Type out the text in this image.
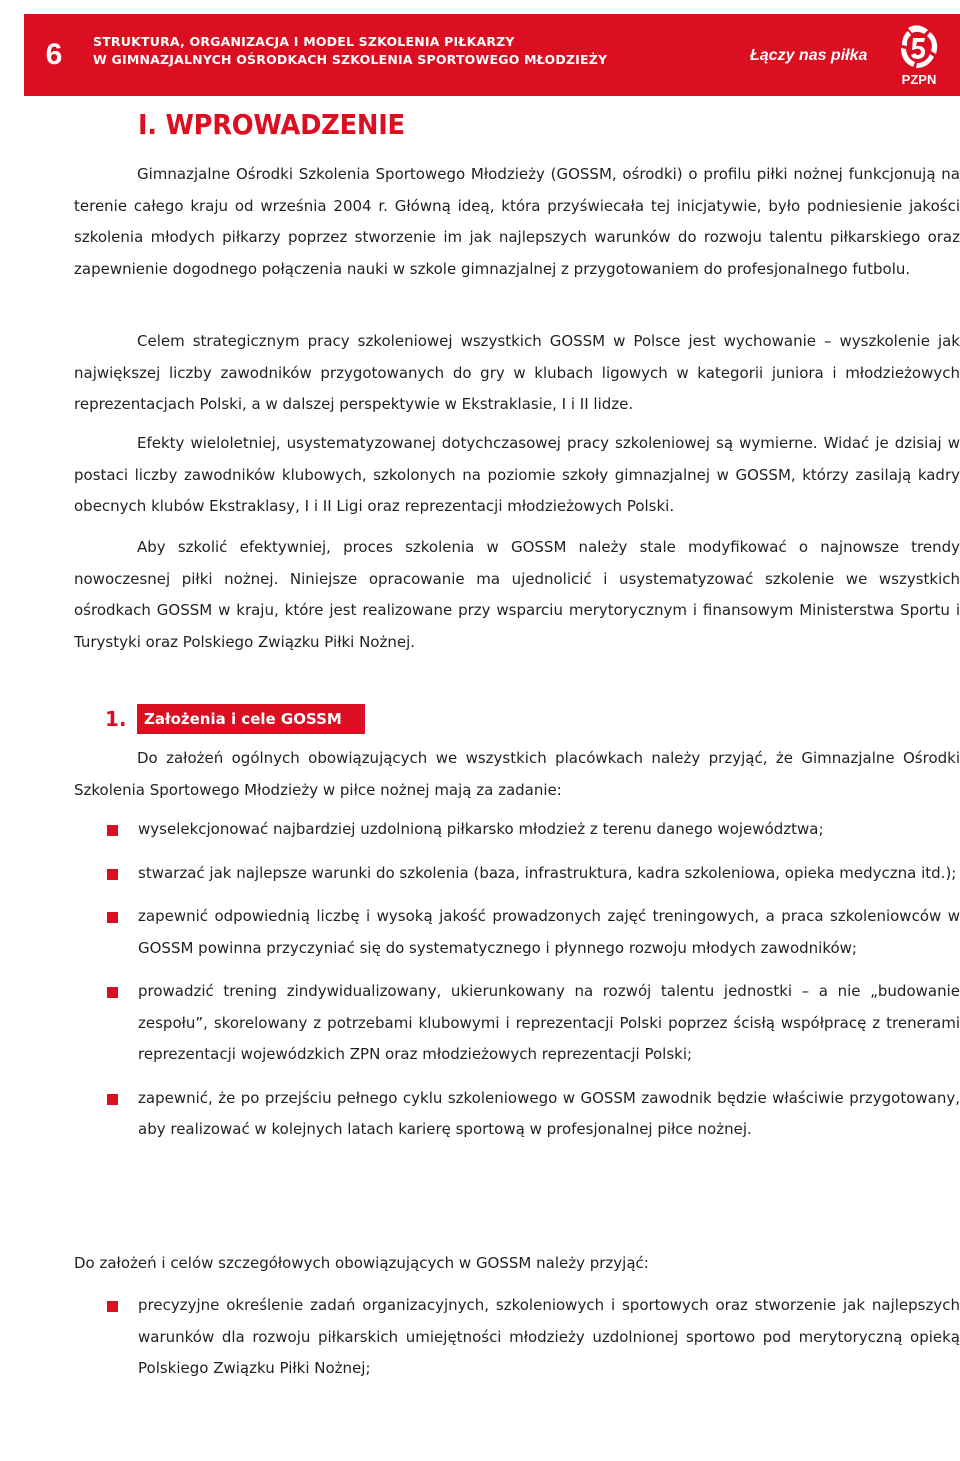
6	STRUKTURA, ORGANIZACJA I MODEL SZKOLENIA PIŁKARZY
W GIMNAZJALNYCH OŚRODKACH SZKOLENIA SPORTOWEGO MŁODZIEŻY	Łączy nas piłka
PZPN
I. WPROWADZENIE

Gimnazjalne Ośrodki Szkolenia Sportowego Młodzieży (GOSSM, ośrodki) o profilu piłki nożnej funkcjonują na terenie całego kraju od września 2004 r. Główną ideą, która przyświecała tej inicjatywie, było podniesienie jakości szkolenia młodych piłkarzy poprzez stworzenie im jak najlepszych warunków do rozwoju talentu piłkarskiego oraz zapewnienie dogodnego połączenia nauki w szkole gimnazjalnej z przygotowaniem do profesjonalnego futbolu.

Celem strategicznym pracy szkoleniowej wszystkich GOSSM w Polsce jest wychowanie – wyszkolenie jak największej liczby zawodników przygotowanych do gry w klubach ligowych w kategorii juniora i młodzieżowych reprezentacjach Polski, a w dalszej perspektywie w Ekstraklasie, I i II lidze.

Efekty wieloletniej, usystematyzowanej dotychczasowej pracy szkoleniowej są wymierne. Widać je dzisiaj w postaci liczby zawodników klubowych, szkolonych na poziomie szkoły gimnazjalnej w GOSSM, którzy zasilają kadry obecnych klubów Ekstraklasy, I i II Ligi oraz reprezentacji młodzieżowych Polski.

Aby szkolić efektywniej, proces szkolenia w GOSSM należy stale modyfikować o najnowsze trendy nowoczesnej piłki nożnej. Niniejsze opracowanie ma ujednolicić i usystematyzować szkolenie we wszystkich ośrodkach GOSSM w kraju, które jest realizowane przy wsparciu merytorycznym i finansowym Ministerstwa Sportu i Turystyki oraz Polskiego Związku Piłki Nożnej.

1.	Założenia i cele GOSSM

Do założeń ogólnych obowiązujących we wszystkich placówkach należy przyjąć, że Gimnazjalne Ośrodki Szkolenia Sportowego Młodzieży w piłce nożnej mają za zadanie:

wyselekcjonować najbardziej uzdolnioną piłkarsko młodzież z terenu danego województwa;
stwarzać jak najlepsze warunki do szkolenia (baza, infrastruktura, kadra szkoleniowa, opieka medyczna itd.);
zapewnić odpowiednią liczbę i wysoką jakość prowadzonych zajęć treningowych, a praca szkoleniowców w GOSSM powinna przyczyniać się do systematycznego i płynnego rozwoju młodych zawodników;
prowadzić trening zindywidualizowany, ukierunkowany na rozwój talentu jednostki – a nie „budowanie zespołu”, skorelowany z potrzebami klubowymi i reprezentacji Polski poprzez ścisłą współpracę z trenerami reprezentacji wojewódzkich ZPN oraz młodzieżowych reprezentacji Polski;
zapewnić, że po przejściu pełnego cyklu szkoleniowego w GOSSM zawodnik będzie właściwie przygotowany, aby realizować w kolejnych latach karierę sportową w profesjonalnej piłce nożnej.

Do założeń i celów szczegółowych obowiązujących w GOSSM należy przyjąć:

precyzyjne określenie zadań organizacyjnych, szkoleniowych i sportowych oraz stworzenie jak najlepszych warunków dla rozwoju piłkarskich umiejętności młodzieży uzdolnionej sportowo pod merytoryczną opieką Polskiego Związku Piłki Nożnej;
